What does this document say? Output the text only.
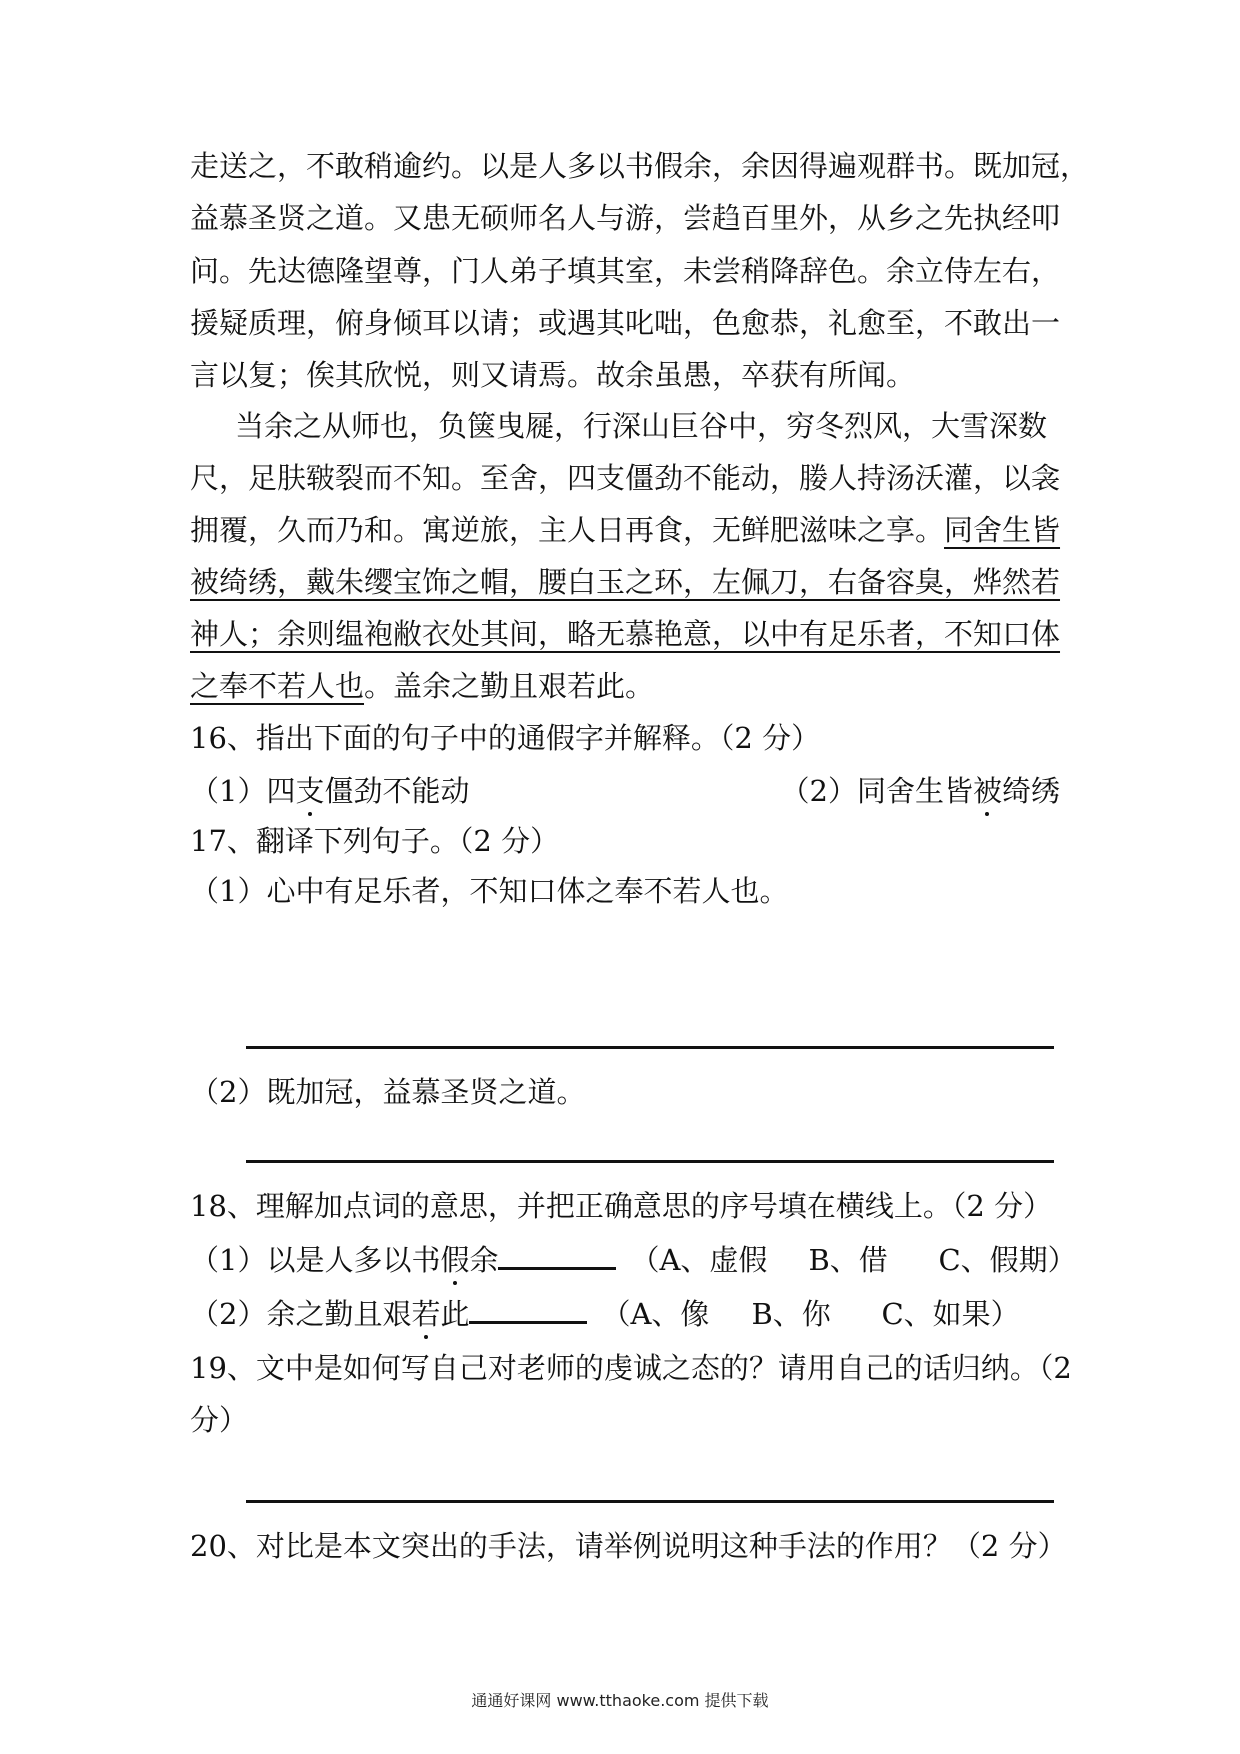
走送之，不敢稍逾约。以是人多以书假余，余因得遍观群书。既加冠，
益慕圣贤之道。又患无硕师名人与游，尝趋百里外，从乡之先执经叩
问。先达德隆望尊，门人弟子填其室，未尝稍降辞色。余立侍左右，
援疑质理，俯身倾耳以请；或遇其叱咄，色愈恭，礼愈至，不敢出一
言以复；俟其欣悦，则又请焉。故余虽愚，卒获有所闻。
当余之从师也，负箧曳屣，行深山巨谷中，穷冬烈风，大雪深数
尺，足肤皲裂而不知。至舍，四支僵劲不能动，媵人持汤沃灌，以衾
拥覆，久而乃和。寓逆旅，主人日再食，无鲜肥滋味之享。同舍生皆
被绮绣，戴朱缨宝饰之帽，腰白玉之环，左佩刀，右备容臭，烨然若
神人；余则缊袍敝衣处其间，略无慕艳意，以中有足乐者，不知口体
之奉不若人也。盖余之勤且艰若此。
16、指出下面的句子中的通假字并解释。（2 分）
（1）四支僵劲不能动	（2）同舍生皆被绮绣
17、翻译下列句子。（2 分）
（1）心中有足乐者，不知口体之奉不若人也。
（2）既加冠，益慕圣贤之道。
18、理解加点词的意思，并把正确意思的序号填在横线上。（2 分）
（1）以是人多以书假余	（A、虚假 B、借 C、假期）
（2）余之勤且艰若此	（A、像 B、你 C、如果）
19、文中是如何写自己对老师的虔诚之态的？请用自己的话归纳。（2
分）
20、对比是本文突出的手法，请举例说明这种手法的作用？（2 分）
通通好课网 www.tthaoke.com 提供下载
